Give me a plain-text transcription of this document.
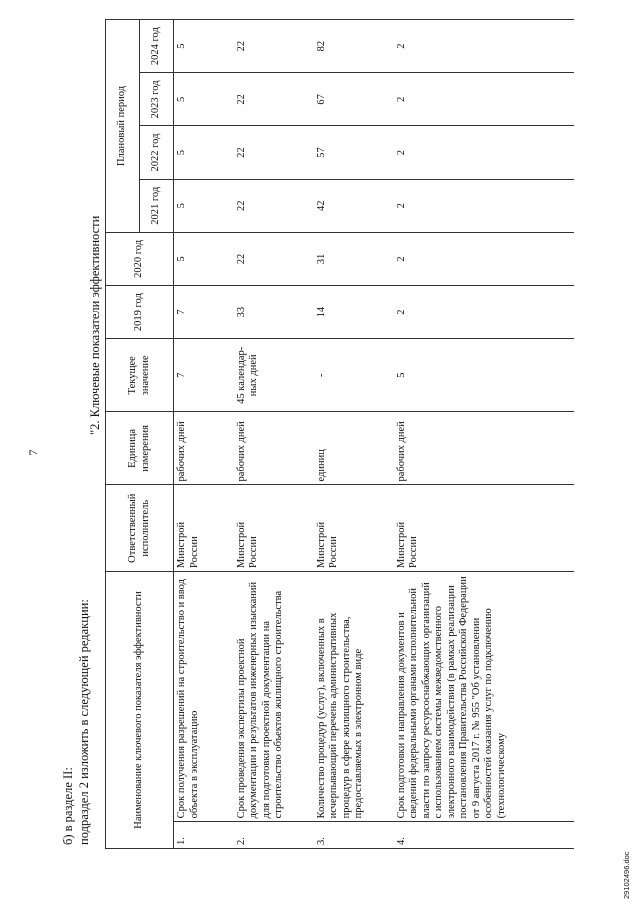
7
б) в разделе II: подраздел 2 изложить в следующей редакции:
"2. Ключевые показатели эффективности
Наименование ключевого показателя эффективности		Ответственный исполнитель	Единица измерения	Текущее значение	2019 год	2020 год	Плановый период			
							2021 год	2022 год	2023 год	2024 год
1.	Срок получения разрешений на строительство и ввод объекта в эксплуатацию	Минстрой России	рабочих дней	7	7	5	5	5	5	5
2.	Срок проведения экспертизы проектной документации и результатов инженерных изысканий для подготовки проектной документации на строительство объектов жилищного строительства	Минстрой России	рабочих дней	45 календар-ных дней	33	22	22	22	22	22
3.	Количество процедур (услуг), включенных в исчерпывающий перечень административных процедур в сфере жилищного строительства, предоставляемых в электронном виде	Минстрой России	единиц	-	14	31	42	57	67	82
4.	Срок подготовки и направления документов и сведений федеральными органами исполнительной власти по запросу ресурсоснабжающих организаций с использованием системы межведомственного электронного взаимодействия (в рамках реализации постановления Правительства Российской Федерации от 9 августа 2017 г. № 955 "Об установлении особенностей оказания услуг по подключению (технологическому	Минстрой России	рабочих дней	5	2	2	2	2	2	2
29102496.doc
